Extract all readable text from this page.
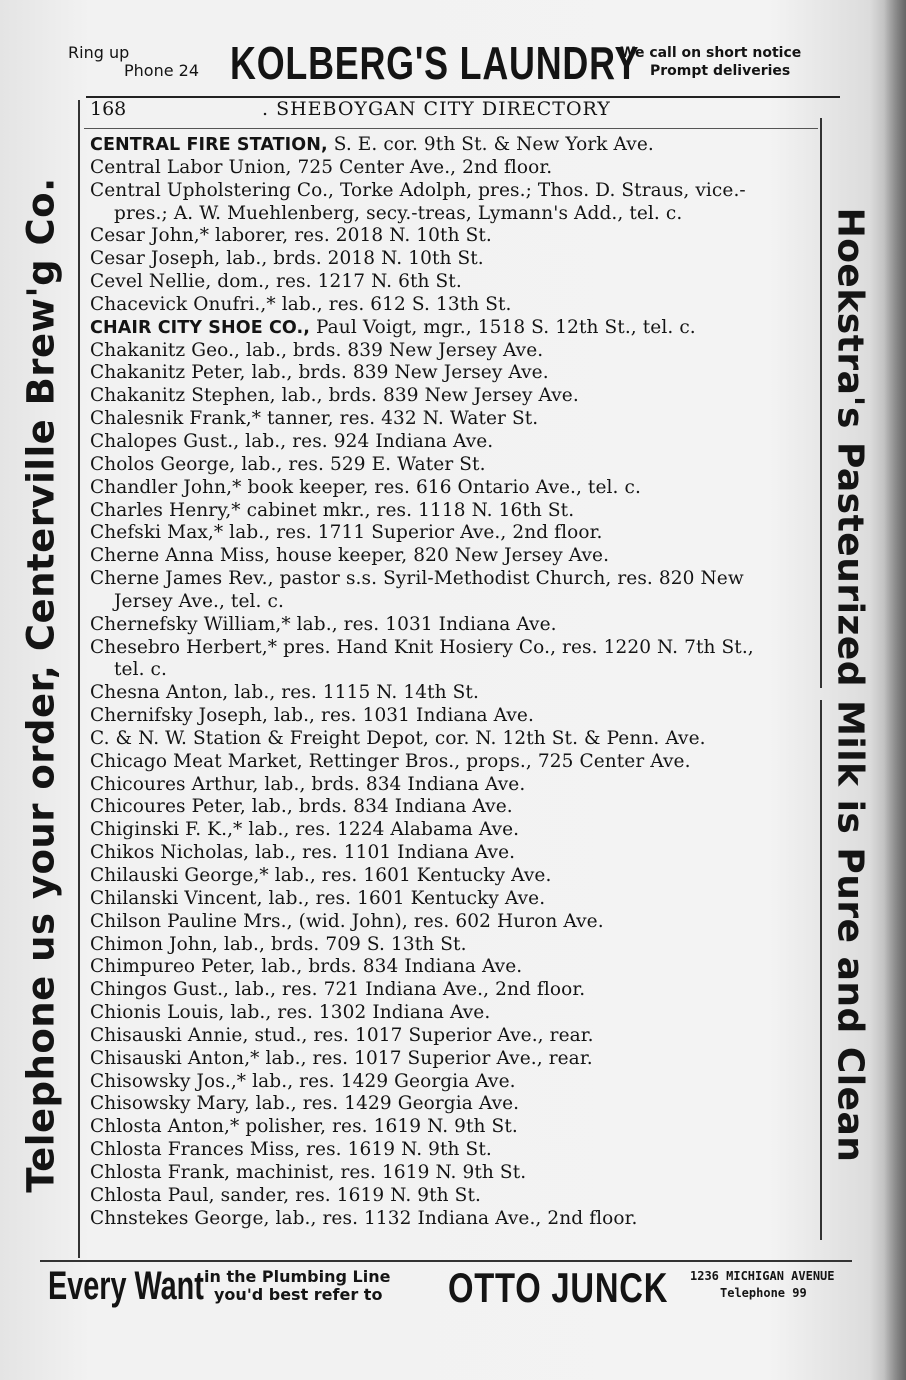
Ring up
Phone 24 KOLBERG'S LAUNDRY
We call on short notice
Prompt deliveries
Telephone us your order, Centerville Brew'g Co.	Hoekstra's Pasteurized Milk is Pure and Clean
168	. SHEBOYGAN CITY DIRECTORY
CENTRAL FIRE STATION, S. E. cor. 9th St. & New York Ave.
Central Labor Union, 725 Center Ave., 2nd floor.
Central Upholstering Co., Torke Adolph, pres.; Thos. D. Straus, vice.-
pres.; A. W. Muehlenberg, secy.-treas, Lymann's Add., tel. c.
Cesar John,* laborer, res. 2018 N. 10th St.
Cesar Joseph, lab., brds. 2018 N. 10th St.
Cevel Nellie, dom., res. 1217 N. 6th St.
Chacevick Onufri.,* lab., res. 612 S. 13th St.
CHAIR CITY SHOE CO., Paul Voigt, mgr., 1518 S. 12th St., tel. c.
Chakanitz Geo., lab., brds. 839 New Jersey Ave.
Chakanitz Peter, lab., brds. 839 New Jersey Ave.
Chakanitz Stephen, lab., brds. 839 New Jersey Ave.
Chalesnik Frank,* tanner, res. 432 N. Water St.
Chalopes Gust., lab., res. 924 Indiana Ave.
Cholos George, lab., res. 529 E. Water St.
Chandler John,* book keeper, res. 616 Ontario Ave., tel. c.
Charles Henry,* cabinet mkr., res. 1118 N. 16th St.
Chefski Max,* lab., res. 1711 Superior Ave., 2nd floor.
Cherne Anna Miss, house keeper, 820 New Jersey Ave.
Cherne James Rev., pastor s.s. Syril-Methodist Church, res. 820 New
Jersey Ave., tel. c.
Chernefsky William,* lab., res. 1031 Indiana Ave.
Chesebro Herbert,* pres. Hand Knit Hosiery Co., res. 1220 N. 7th St.,
tel. c.
Chesna Anton, lab., res. 1115 N. 14th St.
Chernifsky Joseph, lab., res. 1031 Indiana Ave.
C. & N. W. Station & Freight Depot, cor. N. 12th St. & Penn. Ave.
Chicago Meat Market, Rettinger Bros., props., 725 Center Ave.
Chicoures Arthur, lab., brds. 834 Indiana Ave.
Chicoures Peter, lab., brds. 834 Indiana Ave.
Chiginski F. K.,* lab., res. 1224 Alabama Ave.
Chikos Nicholas, lab., res. 1101 Indiana Ave.
Chilauski George,* lab., res. 1601 Kentucky Ave.
Chilanski Vincent, lab., res. 1601 Kentucky Ave.
Chilson Pauline Mrs., (wid. John), res. 602 Huron Ave.
Chimon John, lab., brds. 709 S. 13th St.
Chimpureo Peter, lab., brds. 834 Indiana Ave.
Chingos Gust., lab., res. 721 Indiana Ave., 2nd floor.
Chionis Louis, lab., res. 1302 Indiana Ave.
Chisauski Annie, stud., res. 1017 Superior Ave., rear.
Chisauski Anton,* lab., res. 1017 Superior Ave., rear.
Chisowsky Jos.,* lab., res. 1429 Georgia Ave.
Chisowsky Mary, lab., res. 1429 Georgia Ave.
Chlosta Anton,* polisher, res. 1619 N. 9th St.
Chlosta Frances Miss, res. 1619 N. 9th St.
Chlosta Frank, machinist, res. 1619 N. 9th St.
Chlosta Paul, sander, res. 1619 N. 9th St.
Chnstekes George, lab., res. 1132 Indiana Ave., 2nd floor.
Every Want in the Plumbing Line
you'd best refer to OTTO JUNCK 1236 MICHIGAN AVENUE
Telephone 99
